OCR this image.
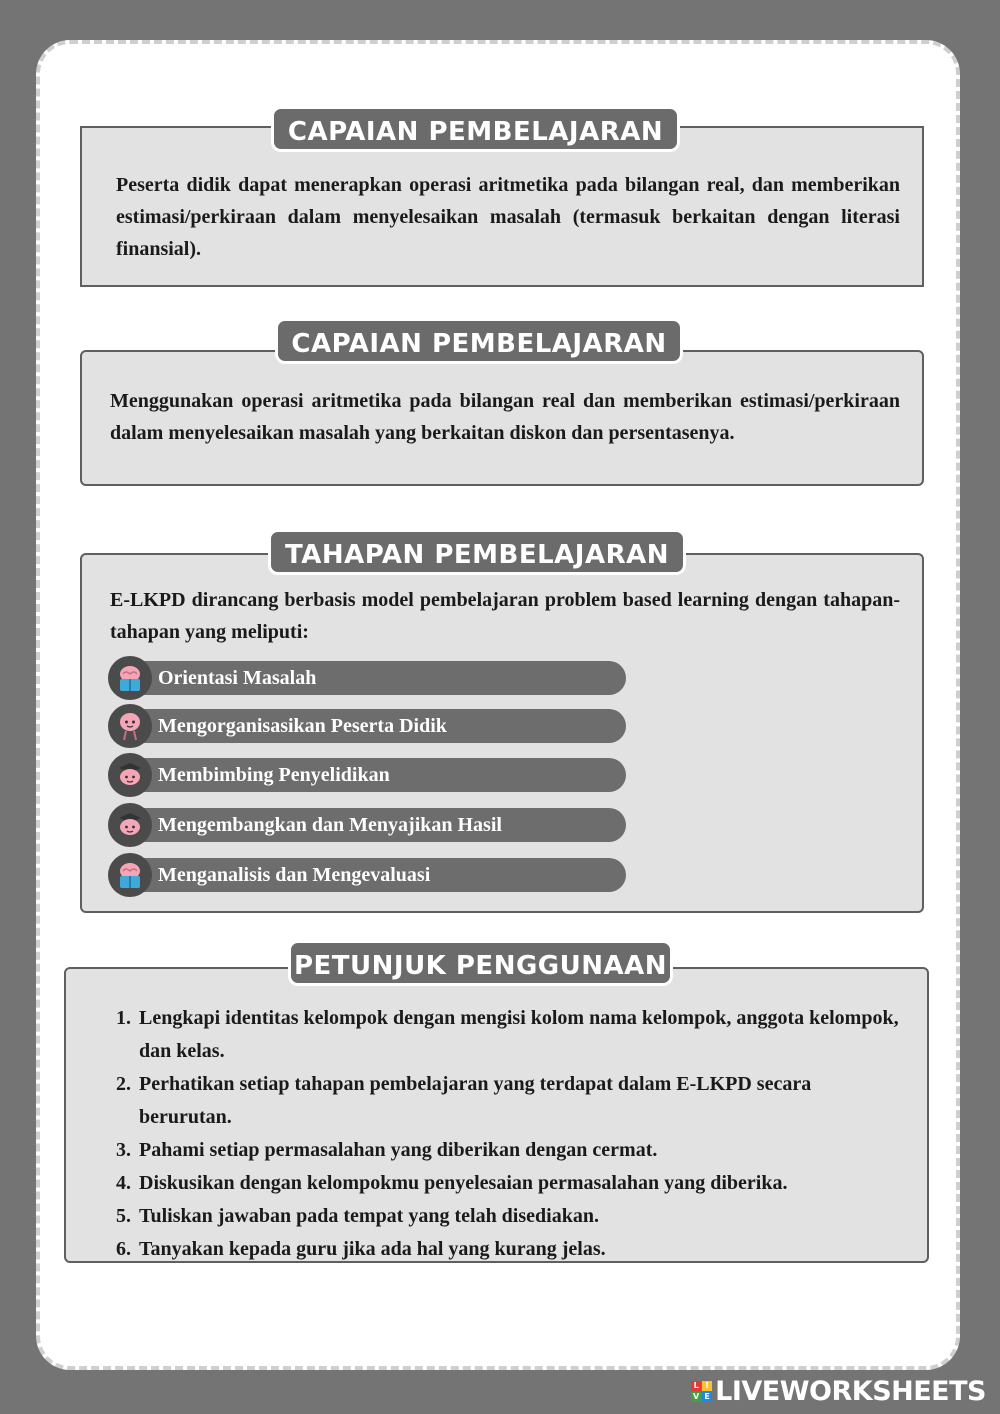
CAPAIAN PEMBELAJARAN

Peserta didik dapat menerapkan operasi aritmetika pada bilangan real, dan memberikan estimasi/perkiraan dalam menyelesaikan masalah (termasuk berkaitan dengan literasi finansial).

CAPAIAN PEMBELAJARAN

Menggunakan operasi aritmetika pada bilangan real dan memberikan estimasi/perkiraan dalam menyelesaikan masalah yang berkaitan diskon dan persentasenya.

TAHAPAN PEMBELAJARAN

E-LKPD dirancang berbasis model pembelajaran problem based learning dengan tahapan-tahapan yang meliputi:

Orientasi Masalah
Mengorganisasikan Peserta Didik
Membimbing Penyelidikan
Mengembangkan dan Menyajikan Hasil
Menganalisis dan Mengevaluasi
PETUNJUK PENGGUNAAN
1. Lengkapi identitas kelompok dengan mengisi kolom nama kelompok, anggota kelompok, dan kelas.
2. Perhatikan setiap tahapan pembelajaran yang terdapat dalam E-LKPD secara berurutan.
3. Pahami setiap permasalahan yang diberikan dengan cermat.
4. Diskusikan dengan kelompokmu penyelesaian permasalahan yang diberika.
5. Tuliskan jawaban pada tempat yang telah disediakan.
6. Tanyakan kepada guru jika ada hal yang kurang jelas.
L I
V E LIVEWORKSHEETS
